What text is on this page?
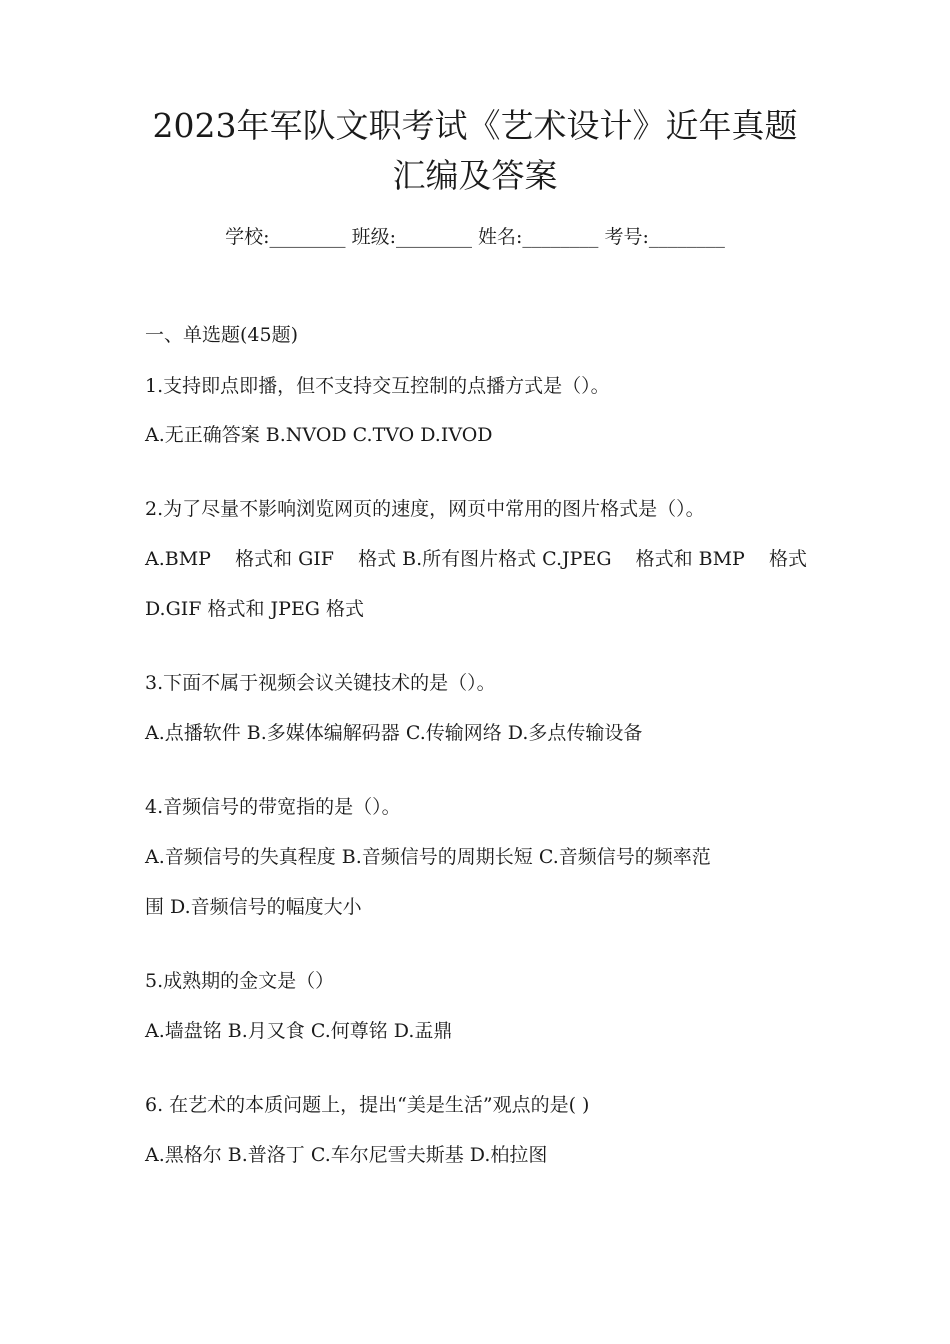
2023年军队文职考试《艺术设计》近年真题
汇编及答案
学校:________ 班级:________ 姓名:________ 考号:________
一、单选题(45题)
1.支持即点即播，但不支持交互控制的点播方式是（）。
A.无正确答案 B.NVOD C.TVO D.IVOD
2.为了尽量不影响浏览网页的速度，网页中常用的图片格式是（）。
A.BMP 格式和 GIF 格式 B.所有图片格式 C.JPEG 格式和 BMP 格式
D.GIF 格式和 JPEG 格式
3.下面不属于视频会议关键技术的是（）。
A.点播软件 B.多媒体编解码器 C.传输网络 D.多点传输设备
4.音频信号的带宽指的是（）。
A.音频信号的失真程度 B.音频信号的周期长短 C.音频信号的频率范
围 D.音频信号的幅度大小
5.成熟期的金文是（）
A.墙盘铭 B.月又食 C.何尊铭 D.盂鼎
6. 在艺术的本质问题上，提出“美是生活”观点的是( )
A.黑格尔 B.普洛丁 C.车尔尼雪夫斯基 D.柏拉图
